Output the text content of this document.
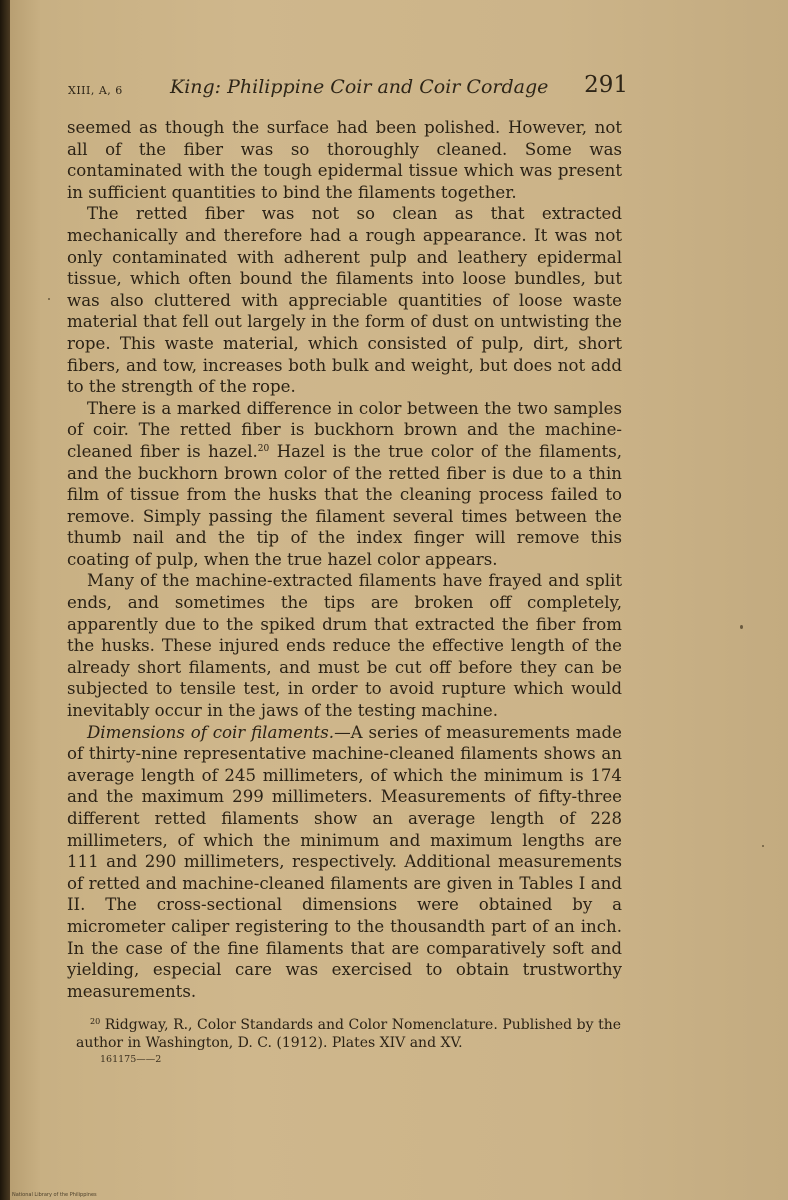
XIII, A, 6 King: Philippine Coir and Coir Cordage 291

seemed as though the surface had been polished. However, not all of the fiber was so thoroughly cleaned. Some was contaminated with the tough epidermal tissue which was present in sufficient quantities to bind the filaments together.

The retted fiber was not so clean as that extracted mechanically and therefore had a rough appearance. It was not only contaminated with adherent pulp and leathery epidermal tissue, which often bound the filaments into loose bundles, but was also cluttered with appreciable quantities of loose waste material that fell out largely in the form of dust on untwisting the rope. This waste material, which consisted of pulp, dirt, short fibers, and tow, increases both bulk and weight, but does not add to the strength of the rope.

There is a marked difference in color between the two samples of coir. The retted fiber is buckhorn brown and the machine-cleaned fiber is hazel.$^{20}$ Hazel is the true color of the filaments, and the buckhorn brown color of the retted fiber is due to a thin film of tissue from the husks that the cleaning process failed to remove. Simply passing the filament several times between the thumb nail and the tip of the index finger will remove this coating of pulp, when the true hazel color appears.

Many of the machine-extracted filaments have frayed and split ends, and sometimes the tips are broken off completely, apparently due to the spiked drum that extracted the fiber from the husks. These injured ends reduce the effective length of the already short filaments, and must be cut off before they can be subjected to tensile test, in order to avoid rupture which would inevitably occur in the jaws of the testing machine.

Dimensions of coir filaments.—A series of measurements made of thirty-nine representative machine-cleaned filaments shows an average length of 245 millimeters, of which the minimum is 174 and the maximum 299 millimeters. Measurements of fifty-three different retted filaments show an average length of 228 millimeters, of which the minimum and maximum lengths are 111 and 290 millimeters, respectively. Additional measurements of retted and machine-cleaned filaments are given in Tables I and II. The cross-sectional dimensions were obtained by a micrometer caliper registering to the thousandth part of an inch. In the case of the fine filaments that are comparatively soft and yielding, especial care was exercised to obtain trustworthy measurements.

$^{20}$ Ridgway, R., Color Standards and Color Nomenclature. Published by the author in Washington, D. C. (1912). Plates XIV and XV.

161175——2
National Library of the Philippines
